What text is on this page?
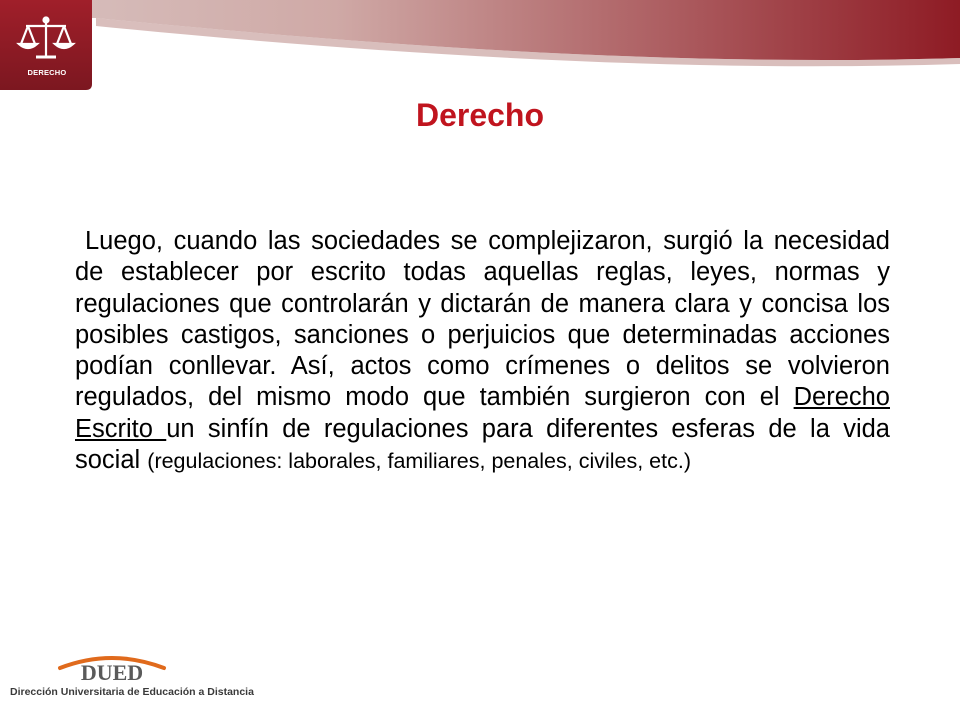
DERECHO
Derecho

Luego, cuando las sociedades se complejizaron, surgió la necesidad de establecer por escrito todas aquellas reglas, leyes, normas y regulaciones que controlarán y dictarán de manera clara y concisa los posibles castigos, sanciones o perjuicios que determinadas acciones podían conllevar. Así, actos como crímenes o delitos se volvieron regulados, del mismo modo que también surgieron con el Derecho Escrito un sinfín de regulaciones para diferentes esferas de la vida social (regulaciones: laborales, familiares, penales, civiles, etc.)

DUED
Dirección Universitaria de Educación a Distancia
